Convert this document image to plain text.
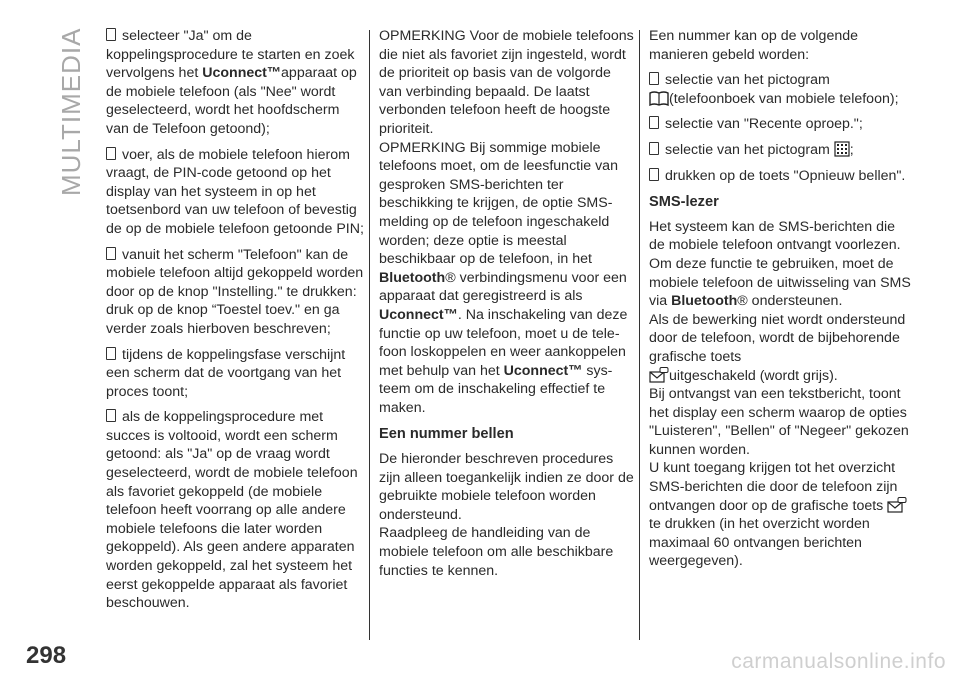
MULTIMEDIA	selecteer "Ja" om de koppelingsprocedure te starten en zoek vervolgens het Uconnect™apparaat op de mobiele telefoon (als "Nee" wordt geselecteerd, wordt het hoofdscherm van de Telefoon getoond);

voer, als de mobiele telefoon hierom vraagt, de PIN-code getoond op het display van het systeem in op het toetsenbord van uw telefoon of bevestig de op de mobiele telefoon getoonde PIN;

vanuit het scherm "Telefoon" kan de mobiele telefoon altijd gekoppeld worden door op de knop "Instelling." te drukken: druk op de knop “Toestel toev." en ga verder zoals hierboven beschreven;

tijdens de koppelingsfase verschijnt een scherm dat de voortgang van het proces toont;

als de koppelingsprocedure met succes is voltooid, wordt een scherm getoond: als "Ja" op de vraag wordt geselecteerd, wordt de mobiele telefoon als favoriet gekoppeld (de mobiele telefoon heeft voorrang op alle andere mobiele telefoons die later worden gekoppeld). Als geen andere apparaten worden gekoppeld, zal het systeem het eerst gekoppelde apparaat als favoriet beschouwen.

OPMERKING Voor de mobiele telefoons die niet als favoriet zijn ingesteld, wordt de prioriteit op basis van de volgorde van verbinding bepaald. De laatst verbonden telefoon heeft de hoogste prioriteit.

OPMERKING Bij sommige mobiele telefoons moet, om de leesfunctie van gesproken SMS-berichten ter beschikking te krijgen, de optie SMS-melding op de telefoon ingeschakeld worden; deze optie is meestal beschikbaar op de telefoon, in het Bluetooth® verbindingsmenu voor een apparaat dat geregistreerd is als Uconnect™. Na inschakeling van deze functie op uw telefoon, moet u de tele-foon loskoppelen en weer aankoppelen met behulp van het Uconnect™ sys-teem om de inschakeling effectief te maken.

Een nummer bellen

De hieronder beschreven procedures zijn alleen toegankelijk indien ze door de gebruikte mobiele telefoon worden ondersteund.

Raadpleeg de handleiding van de mobiele telefoon om alle beschikbare functies te kennen.

Een nummer kan op de volgende manieren gebeld worden:

selectie van het pictogram
(telefoonboek van mobiele telefoon);

selectie van "Recente oproep.";

selectie van het pictogram ;

drukken op de toets "Opnieuw bellen".

SMS-lezer

Het systeem kan de SMS-berichten die de mobiele telefoon ontvangt voorlezen. Om deze functie te gebruiken, moet de mobiele telefoon de uitwisseling van SMS via Bluetooth® ondersteunen.

Als de bewerking niet wordt ondersteund door de telefoon, wordt de bijbehorende grafische toets
uitgeschakeld (wordt grijs).

Bij ontvangst van een tekstbericht, toont het display een scherm waarop de opties "Luisteren", "Bellen" of "Negeer" gekozen kunnen worden.

U kunt toegang krijgen tot het overzicht SMS-berichten die door de telefoon zijn ontvangen door op de grafische toets te drukken (in het overzicht worden maximaal 60 ontvangen berichten weergegeven).

298	carmanualsonline.info
